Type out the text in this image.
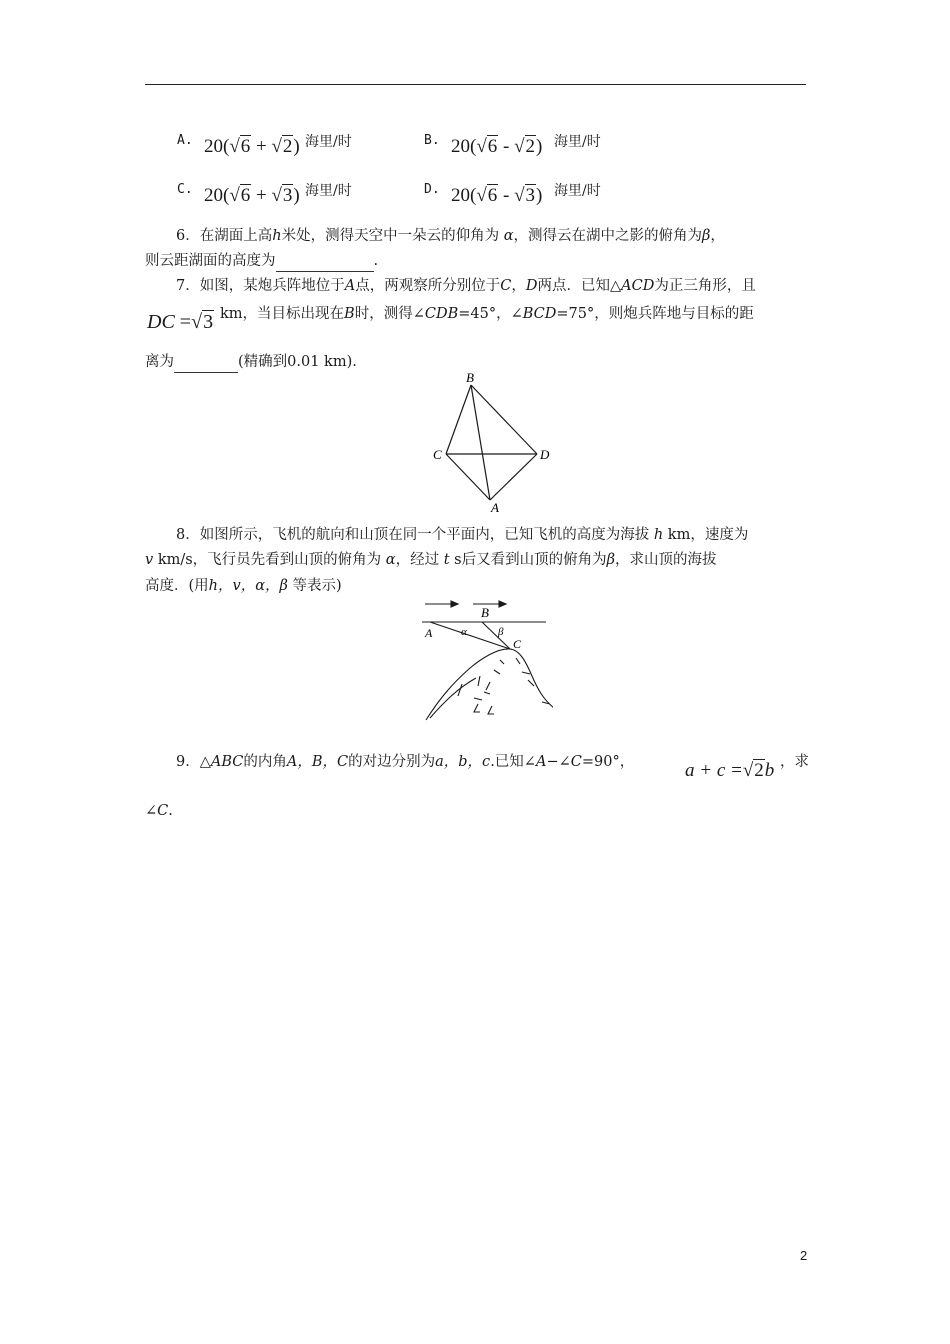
A. 20(√6 + √2) 海里/时	B. 20(√6 - √2) 海里/时
C. 20(√6 + √3) 海里/时	D. 20(√6 - √3) 海里/时
6．在湖面上高h米处，测得天空中一朵云的仰角为 α，测得云在湖中之影的俯角为β，
则云距湖面的高度为	.
7．如图，某炮兵阵地位于A点，两观察所分别位于C，D两点．已知△ACD为正三角形，且
DC =√3 km，当目标出现在B时，测得∠CDB=45°，∠BCD=75°，则炮兵阵地与目标的距
离为	(精确到0.01 km).
B
C	D
A
8．如图所示，飞机的航向和山顶在同一个平面内，已知飞机的高度为海拔 h km，速度为
v km/s，飞行员先看到山顶的俯角为 α，经过 t s后又看到山顶的俯角为β，求山顶的海拔
高度．(用h，v，α，β 等表示)
B
A	α	β
C
9．△ABC的内角A，B，C的对边分别为a，b，c.已知∠A−∠C=90°，	a + c =√2b ，求
∠C.
2
